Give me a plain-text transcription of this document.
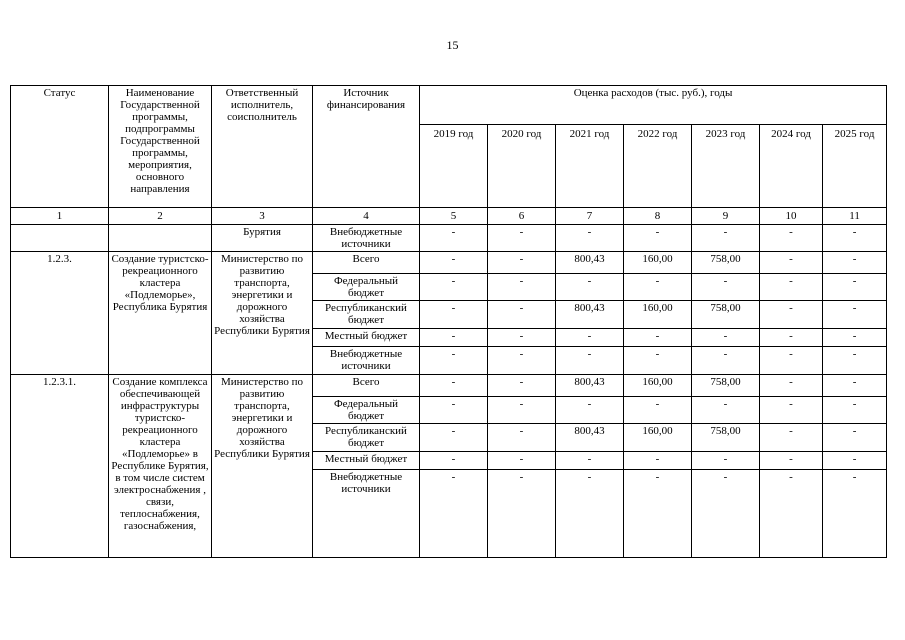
15
Статус	Наименование Государственной программы, подпрограммы Государственной программы, мероприятия, основного направления	Ответственный исполнитель, соисполнитель	Источник финансирования	Оценка расходов (тыс. руб.), годы						
				2019 год	2020 год	2021 год	2022 год	2023 год	2024 год	2025 год
1	2	3	4	5	6	7	8	9	10	11
		Бурятия	Внебюджетные источники	-	-	-	-	-	-	-
1.2.3.	Создание туристско-рекреационного кластера «Подлеморье», Республика Бурятия	Министерство по развитию транспорта, энергетики и дорожного хозяйства Республики Бурятия	Всего	-	-	800,43	160,00	758,00	-	-
			Федеральный бюджет	-	-	-	-	-	-	-
			Республиканский бюджет	-	-	800,43	160,00	758,00	-	-
			Местный бюджет	-	-	-	-	-	-	-
			Внебюджетные источники	-	-	-	-	-	-	-
1.2.3.1.	Создание комплекса обеспечивающей инфраструктуры туристско-рекреационного кластера «Подлеморье» в Республике Бурятия, в том числе систем электроснабжения , связи, теплоснабжения, газоснабжения,	Министерство по развитию транспорта, энергетики и дорожного хозяйства Республики Бурятия	Всего	-	-	800,43	160,00	758,00	-	-
			Федеральный бюджет	-	-	-	-	-	-	-
			Республиканский бюджет	-	-	800,43	160,00	758,00	-	-
			Местный бюджет	-	-	-	-	-	-	-
			Внебюджетные источники	-	-	-	-	-	-	-
